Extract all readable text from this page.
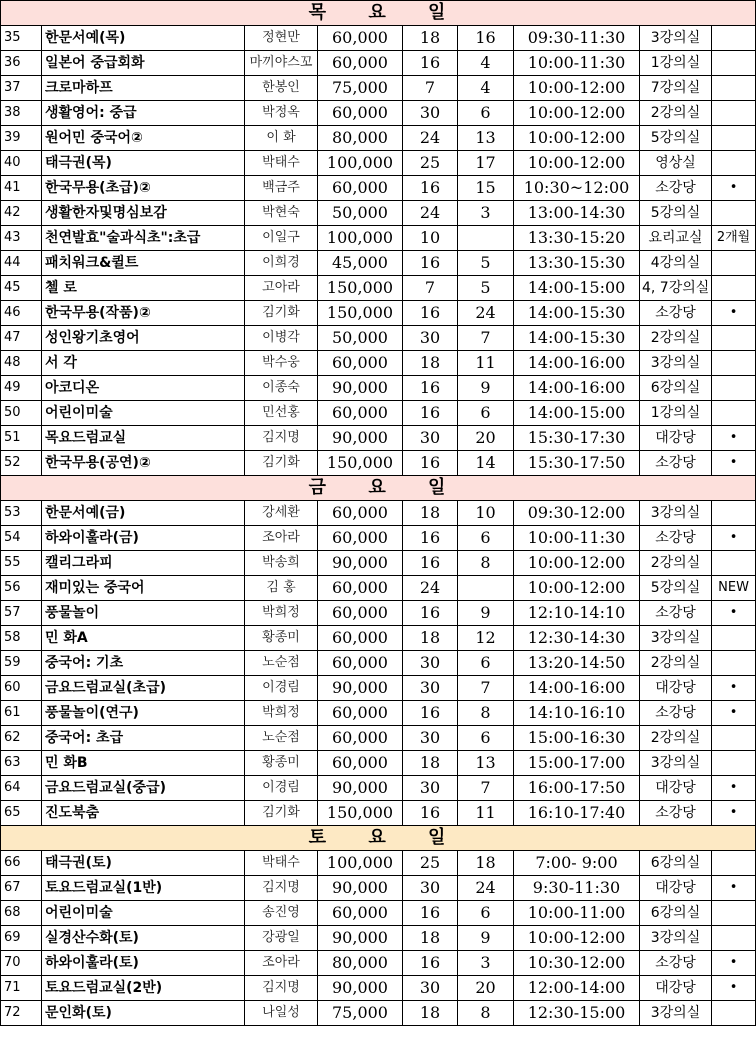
목 요 일								
35	한문서예(목)	정현만	60,000	18	16	09:30-11:30	3강의실	
36	일본어 중급회화	마끼야스꼬	60,000	16	4	10:00-11:30	1강의실	
37	크로마하프	한봉인	75,000	7	4	10:00-12:00	7강의실	
38	생활영어: 중급	박정옥	60,000	30	6	10:00-12:00	2강의실	
39	원어민 중국어②	이 화	80,000	24	13	10:00-12:00	5강의실	
40	태극권(목)	박태수	100,000	25	17	10:00-12:00	영상실	
41	한국무용(초급)②	백금주	60,000	16	15	10:30~12:00	소강당	•
42	생활한자및명심보감	박현숙	50,000	24	3	13:00-14:30	5강의실	
43	천연발효"술과식초":초급	이일구	100,000	10		13:30-15:20	요리교실	2개월
44	패치워크&퀼트	이희경	45,000	16	5	13:30-15:30	4강의실	
45	첼 로	고아라	150,000	7	5	14:00-15:00	4, 7강의실	
46	한국무용(작품)②	김기화	150,000	16	24	14:00-15:30	소강당	•
47	성인왕기초영어	이병각	50,000	30	7	14:00-15:30	2강의실	
48	서 각	박수웅	60,000	18	11	14:00-16:00	3강의실	
49	아코디온	이종숙	90,000	16	9	14:00-16:00	6강의실	
50	어린이미술	민선홍	60,000	16	6	14:00-15:00	1강의실	
51	목요드럼교실	김지명	90,000	30	20	15:30-17:30	대강당	•
52	한국무용(공연)②	김기화	150,000	16	14	15:30-17:50	소강당	•
금 요 일								
53	한문서예(금)	강세환	60,000	18	10	09:30-12:00	3강의실	
54	하와이훌라(금)	조아라	60,000	16	6	10:00-11:30	소강당	•
55	캘리그라피	박송희	90,000	16	8	10:00-12:00	2강의실	
56	재미있는 중국어	김 홍	60,000	24		10:00-12:00	5강의실	NEW
57	풍물놀이	박희정	60,000	16	9	12:10-14:10	소강당	•
58	민 화A	황종미	60,000	18	12	12:30-14:30	3강의실	
59	중국어: 기초	노순점	60,000	30	6	13:20-14:50	2강의실	
60	금요드럼교실(초급)	이경림	90,000	30	7	14:00-16:00	대강당	•
61	풍물놀이(연구)	박희정	60,000	16	8	14:10-16:10	소강당	•
62	중국어: 초급	노순점	60,000	30	6	15:00-16:30	2강의실	
63	민 화B	황종미	60,000	18	13	15:00-17:00	3강의실	
64	금요드럼교실(중급)	이경림	90,000	30	7	16:00-17:50	대강당	•
65	진도북춤	김기화	150,000	16	11	16:10-17:40	소강당	•
토 요 일								
66	태극권(토)	박태수	100,000	25	18	7:00- 9:00	6강의실	
67	토요드럼교실(1반)	김지명	90,000	30	24	9:30-11:30	대강당	•
68	어린이미술	송진영	60,000	16	6	10:00-11:00	6강의실	
69	실경산수화(토)	강광일	90,000	18	9	10:00-12:00	3강의실	
70	하와이훌라(토)	조아라	80,000	16	3	10:30-12:00	소강당	•
71	토요드럼교실(2반)	김지명	90,000	30	20	12:00-14:00	대강당	•
72	문인화(토)	나일성	75,000	18	8	12:30-15:00	3강의실	
